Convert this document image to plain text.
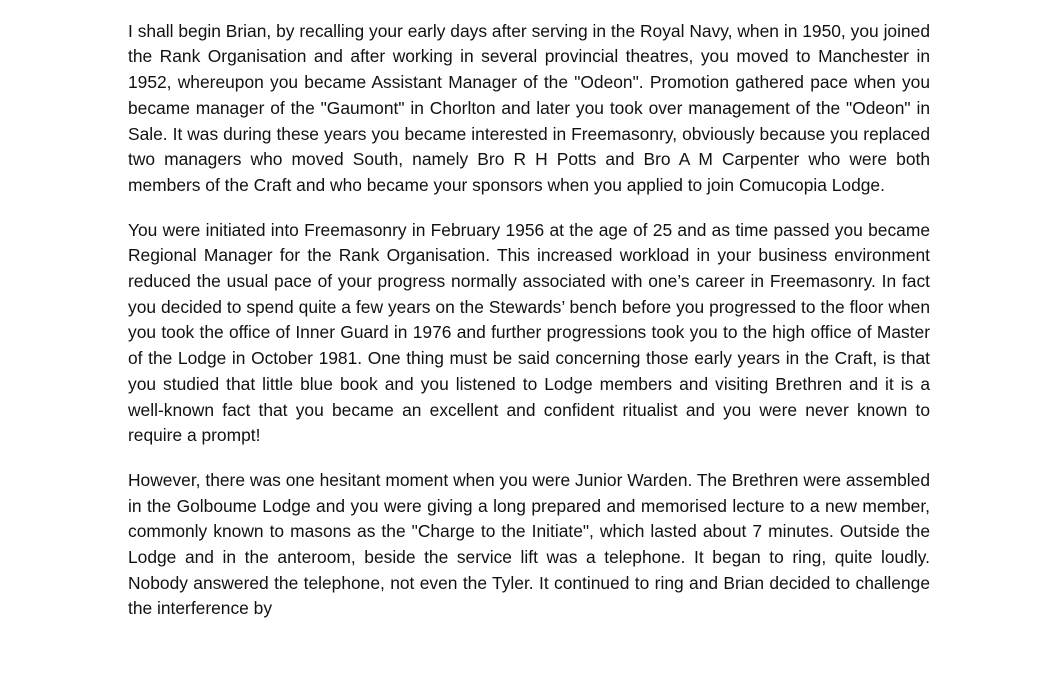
I shall begin Brian, by recalling your early days after serving in the Royal Navy, when in 1950, you joined the Rank Organisation and after working in several provincial theatres, you moved to Manchester in 1952, whereupon you became Assistant Manager of the "Odeon". Promotion gathered pace when you became manager of the "Gaumont" in Chorlton and later you took over management of the "Odeon" in Sale. It was during these years you became interested in Freemasonry, obviously because you replaced two managers who moved South, namely Bro R H Potts and Bro A M Carpenter who were both members of the Craft and who became your sponsors when you applied to join Comucopia Lodge.

You were initiated into Freemasonry in February 1956 at the age of 25 and as time passed you became Regional Manager for the Rank Organisation. This increased workload in your business environment reduced the usual pace of your progress normally associated with one’s career in Freemasonry. In fact you decided to spend quite a few years on the Stewards’ bench before you progressed to the floor when you took the office of Inner Guard in 1976 and further progressions took you to the high office of Master of the Lodge in October 1981. One thing must be said concerning those early years in the Craft, is that you studied that little blue book and you listened to Lodge members and visiting Brethren and it is a well-known fact that you became an excellent and confident ritualist and you were never known to require a prompt!

However, there was one hesitant moment when you were Junior Warden. The Brethren were assembled in the Golboume Lodge and you were giving a long prepared and memorised lecture to a new member, commonly known to masons as the "Charge to the Initiate", which lasted about 7 minutes. Outside the Lodge and in the anteroom, beside the service lift was a telephone. It began to ring, quite loudly. Nobody answered the telephone, not even the Tyler. It continued to ring and Brian decided to challenge the interference by
